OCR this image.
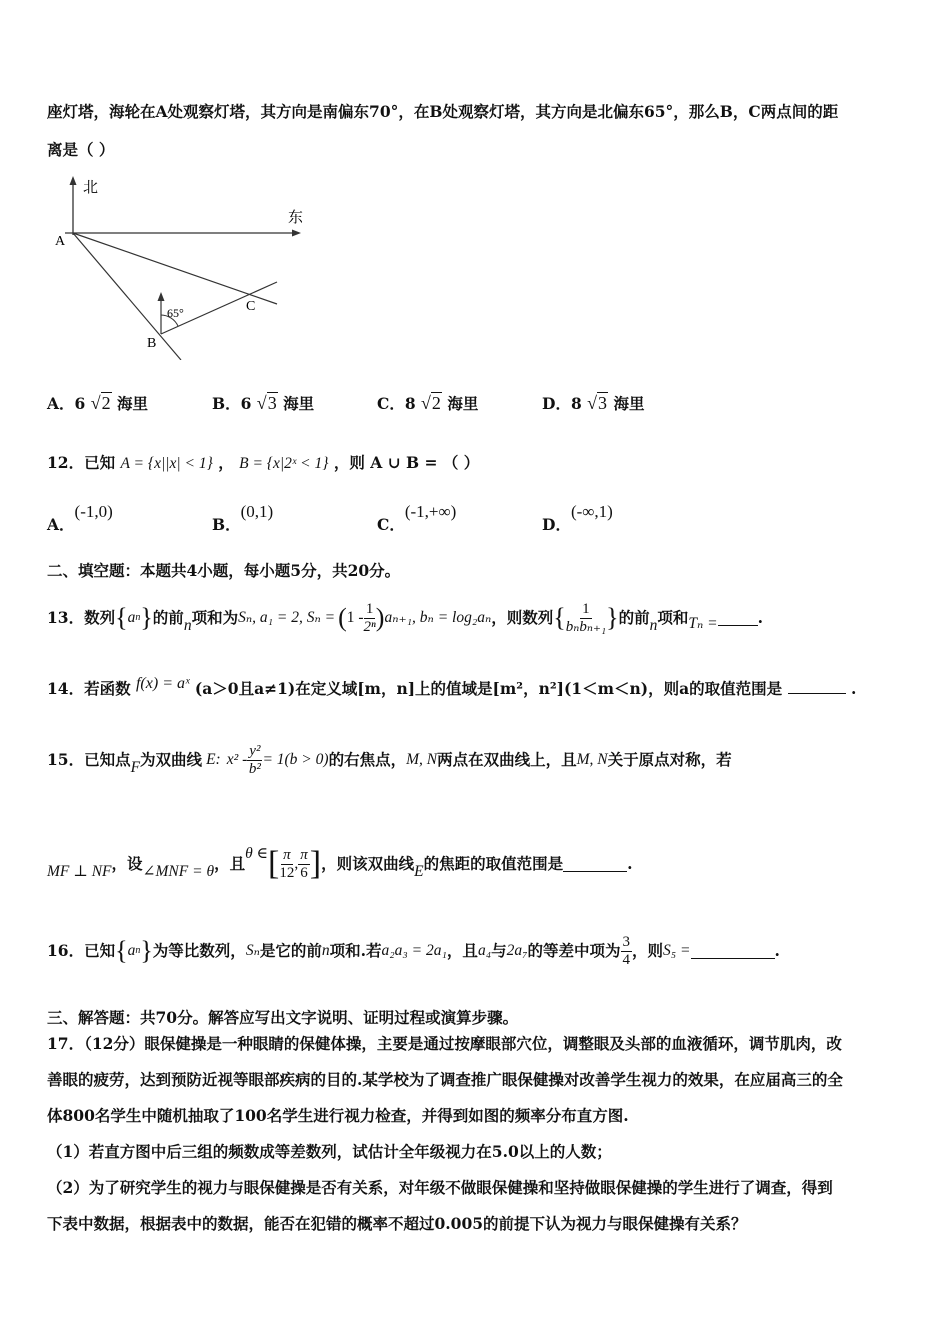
座灯塔，海轮在A处观察灯塔，其方向是南偏东70°，在B处观察灯塔，其方向是北偏东65°，那么B，C两点间的距
离是（ ）
北
东
65°
A
B
C
A．6 √2 海里	B．6 √3 海里	C．8 √2 海里	D．8 √3 海里
12．已知 A = {x||x| < 1} ， B = {x|2ˣ < 1} ，则 A ∪ B = （ ）
A．(-1,0)
B．(0,1)
C．(-1,+∞)
D．(-∞,1)
二、填空题：本题共4小题，每小题5分，共20分。
13．数列 { a n } 的前 n 项和为 Sₙ, a₁ = 2, Sₙ = ( $1 - \frac{1}{\text{2ⁿ}}$ ) aₙ₊₁, bₙ = log₂aₙ ，则数列 { $\frac{1}{\text{bₙbₙ₊₁}}$ } 的前 n 项和 Tₙ =	.
14．若函数 f(x) = aˣ (a＞0且a≠1)在定义域[m，n]上的值域是[m²，n²](1＜m＜n)，则a的取值范围是	.
15．已知点 F 为双曲线 E: $x^2 - \frac{\text{y²}}{\text{b²}} = 1(b > 0)$ 的右焦点， M, N 两点在双曲线上，且 M, N 关于原点对称，若
MF ⊥ NF ，设 ∠MNF = θ ，且
θ ∈ [ $\frac{\pi}{12}$ , $\frac{\pi}{6}$ ] ，则该双曲线 E 的焦距的取值范围是	.
16．已知 { a n } 为等比数列， Sₙ 是它的前 n 项和.若 a₂a₃ = 2a₁ ，且 a₄ 与 2a₇ 的等差中项为 $\frac{3}{4}$ ，则 S₅ =	.
三、解答题：共70分。解答应写出文字说明、证明过程或演算步骤。
17．（12分）眼保健操是一种眼睛的保健体操，主要是通过按摩眼部穴位，调整眼及头部的血液循环，调节肌肉，改
善眼的疲劳，达到预防近视等眼部疾病的目的.某学校为了调查推广眼保健操对改善学生视力的效果，在应届高三的全
体800名学生中随机抽取了100名学生进行视力检查，并得到如图的频率分布直方图.
（1）若直方图中后三组的频数成等差数列，试估计全年级视力在5.0以上的人数；
（2）为了研究学生的视力与眼保健操是否有关系，对年级不做眼保健操和坚持做眼保健操的学生进行了调查，得到
下表中数据，根据表中的数据，能否在犯错的概率不超过0.005的前提下认为视力与眼保健操有关系？
